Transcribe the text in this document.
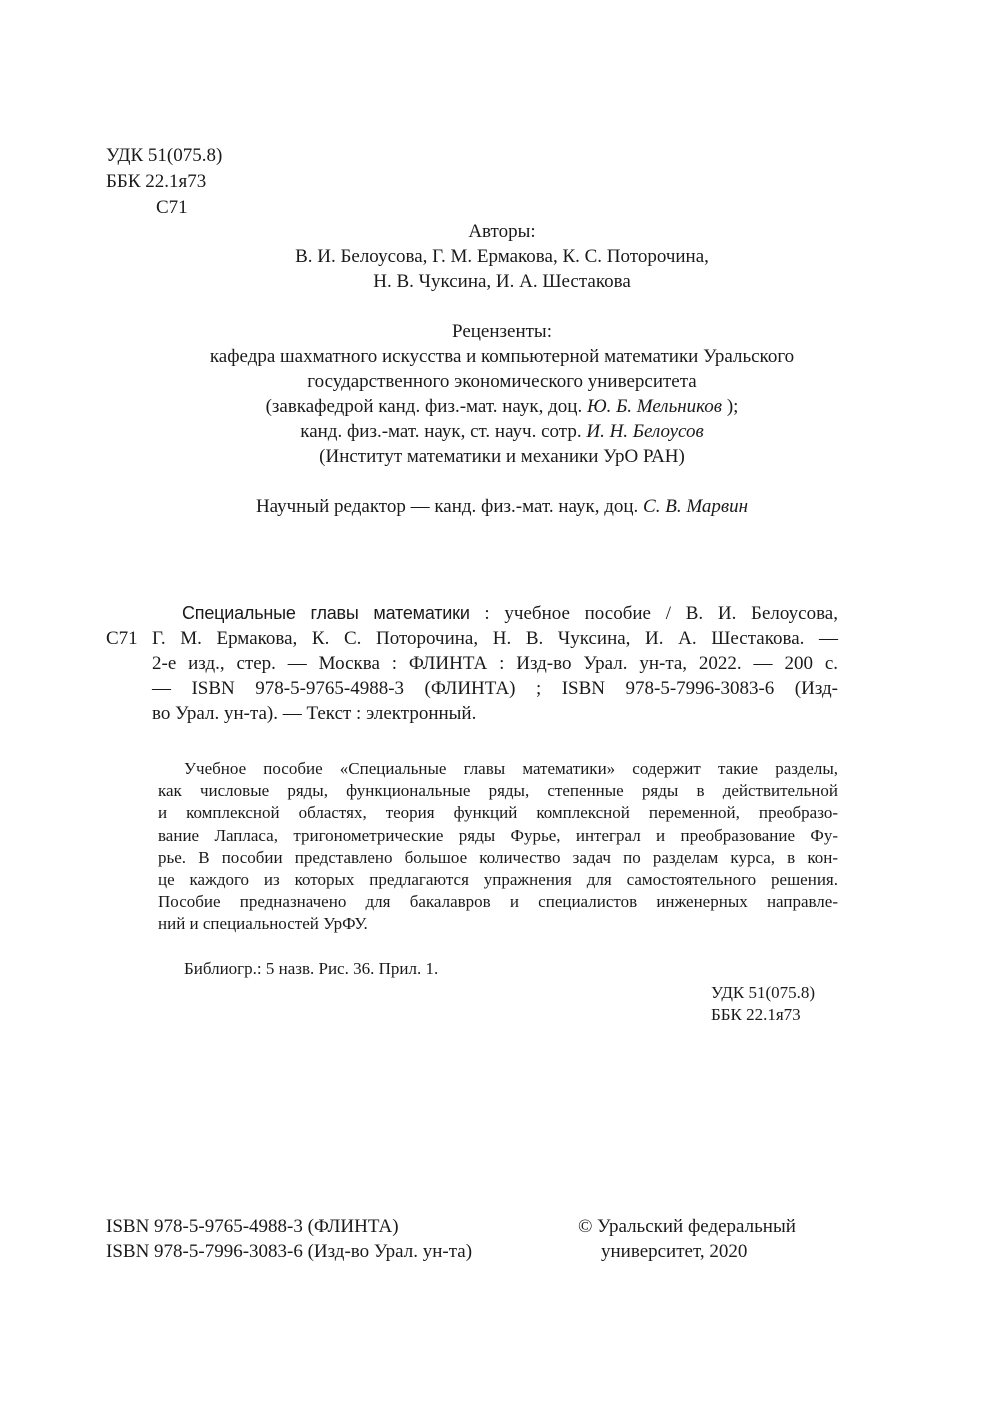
УДК 51(075.8)
ББК 22.1я73
С71
Авторы:
В. И. Белоусова, Г. М. Ермакова, К. С. Поторочина,
Н. В. Чуксина, И. А. Шестакова
Рецензенты:
кафедра шахматного искусства и компьютерной математики Уральского
государственного экономического университета
(завкафедрой канд. физ.-мат. наук, доц. Ю. Б. Мельников );
канд. физ.-мат. наук, ст. науч. сотр. И. Н. Белоусов
(Институт математики и механики УрО РАН)
Научный редактор — канд. физ.-мат. наук, доц. С. В. Марвин
Специальные главы математики : учебное пособие / В. И. Белоусова,
С71 Г. М. Ермакова, К. С. Поторочина, Н. В. Чуксина, И. А. Шестакова. —
2-е изд., стер. — Москва : ФЛИНТА : Изд-во Урал. ун-та, 2022. — 200 с.
— ISBN 978-5-9765-4988-3 (ФЛИНТА) ; ISBN 978-5-7996-3083-6 (Изд-
во Урал. ун-та). — Текст : электронный.
Учебное пособие «Специальные главы математики» содержит такие разделы,
как числовые ряды, функциональные ряды, степенные ряды в действительной
и комплексной областях, теория функций комплексной переменной, преобразо-
вание Лапласа, тригонометрические ряды Фурье, интеграл и преобразование Фу-
рье. В пособии представлено большое количество задач по разделам курса, в кон-
це каждого из которых предлагаются упражнения для самостоятельного решения.
Пособие предназначено для бакалавров и специалистов инженерных направле-
ний и специальностей УрФУ.
Библиогр.: 5 назв. Рис. 36. Прил. 1.
УДК 51(075.8)
ББК 22.1я73
ISBN 978-5-9765-4988-3 (ФЛИНТА)
ISBN 978-5-7996-3083-6 (Изд-во Урал. ун-та)
© Уральский федеральный
университет, 2020
